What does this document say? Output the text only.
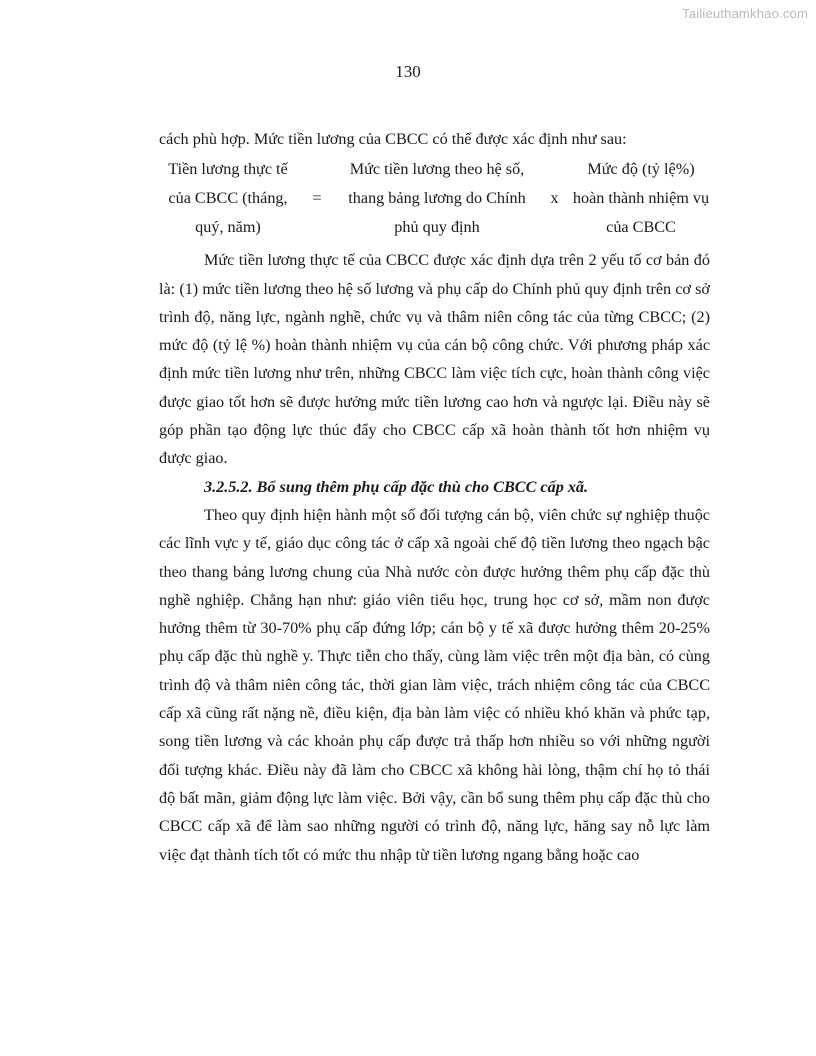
Tailieuthamkhao.com
130

cách phù hợp. Mức tiền lương của CBCC có thể được xác định như sau:

Tiền lương thực tế của CBCC (tháng, quý, năm)
=
Mức tiền lương theo hệ số, thang bảng lương do Chính phủ quy định
x
Mức độ (tỷ lệ%) hoàn thành nhiệm vụ của CBCC

Mức tiền lương thực tế của CBCC được xác định dựa trên 2 yếu tố cơ bản đó là: (1) mức tiền lương theo hệ số lương và phụ cấp do Chính phủ quy định trên cơ sở trình độ, năng lực, ngành nghề, chức vụ và thâm niên công tác của từng CBCC; (2) mức độ (tỷ lệ %) hoàn thành nhiệm vụ của cán bộ công chức. Với phương pháp xác định mức tiền lương như trên, những CBCC làm việc tích cực, hoàn thành công việc được giao tốt hơn sẽ được hưởng mức tiền lương cao hơn và ngược lại. Điều này sẽ góp phần tạo động lực thúc đẩy cho CBCC cấp xã hoàn thành tốt hơn nhiệm vụ được giao.

3.2.5.2. Bổ sung thêm phụ cấp đặc thù cho CBCC cấp xã.

Theo quy định hiện hành một số đối tượng cán bộ, viên chức sự nghiệp thuộc các lĩnh vực y tế, giáo dục công tác ở cấp xã ngoài chế độ tiền lương theo ngạch bậc theo thang bảng lương chung của Nhà nước còn được hưởng thêm phụ cấp đặc thù nghề nghiệp. Chẳng hạn như: giáo viên tiểu học, trung học cơ sở, mầm non được hưởng thêm từ 30-70% phụ cấp đứng lớp; cán bộ y tế xã được hưởng thêm 20-25% phụ cấp đặc thù nghề y. Thực tiễn cho thấy, cùng làm việc trên một địa bàn, có cùng trình độ và thâm niên công tác, thời gian làm việc, trách nhiệm công tác của CBCC cấp xã cũng rất nặng nề, điều kiện, địa bàn làm việc có nhiều khó khăn và phức tạp, song tiền lương và các khoản phụ cấp được trả thấp hơn nhiều so với những người đối tượng khác. Điều này đã làm cho CBCC xã không hài lòng, thậm chí họ tỏ thái độ bất mãn, giảm động lực làm việc. Bởi vậy, cần bổ sung thêm phụ cấp đặc thù cho CBCC cấp xã để làm sao những người có trình độ, năng lực, hăng say nỗ lực làm việc đạt thành tích tốt có mức thu nhập từ tiền lương ngang bằng hoặc cao
